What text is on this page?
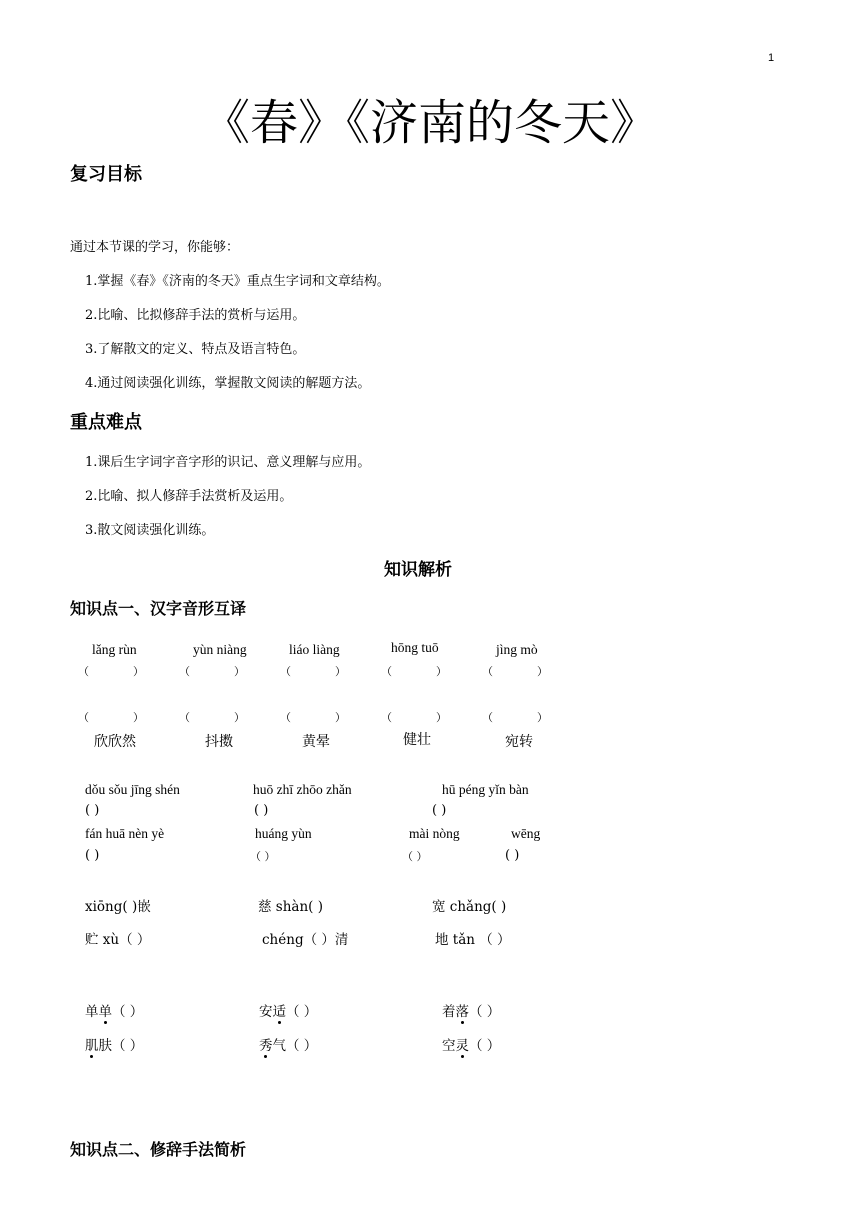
1
《春》《济南的冬天》
复习目标
通过本节课的学习，你能够：
1.掌握《春》《济南的冬天》重点生字词和文章结构。
2.比喻、比拟修辞手法的赏析与运用。
3.了解散文的定义、特点及语言特色。
4.通过阅读强化训练，掌握散文阅读的解题方法。
重点难点
1.课后生字词字音字形的识记、意义理解与应用。
2.比喻、拟人修辞手法赏析及运用。
3.散文阅读强化训练。
知识解析
知识点一、汉字音形互译
lǎng rùn	yùn niàng	liáo liàng	hōng tuō	jìng mò
（　　　　）	（　　　　）	（　　　　）	（　　　　）	（　　　　）
（　　　　）	（　　　　）	（　　　　）	（　　　　）	（　　　　）
欣欣然	抖擞	黄晕	健壮	宛转
dǒu sǒu jīng shén	huō zhī zhōo zhǎn	hū péng yǐn bàn
( )	( )	( )
fán huā nèn yè	huáng yùn	mài nòng	wēng
( )	（ ）	（ ）	( )
xiōng( )嵌	慈 shàn( )	宽 chǎng( )
贮 xù（ ）	chéng（ ）清	地 tǎn （ ）
单单（ ）	安适（ ）	着落（ ）
肌肤（ ）	秀气（ ）	空灵（ ）
知识点二、修辞手法简析
